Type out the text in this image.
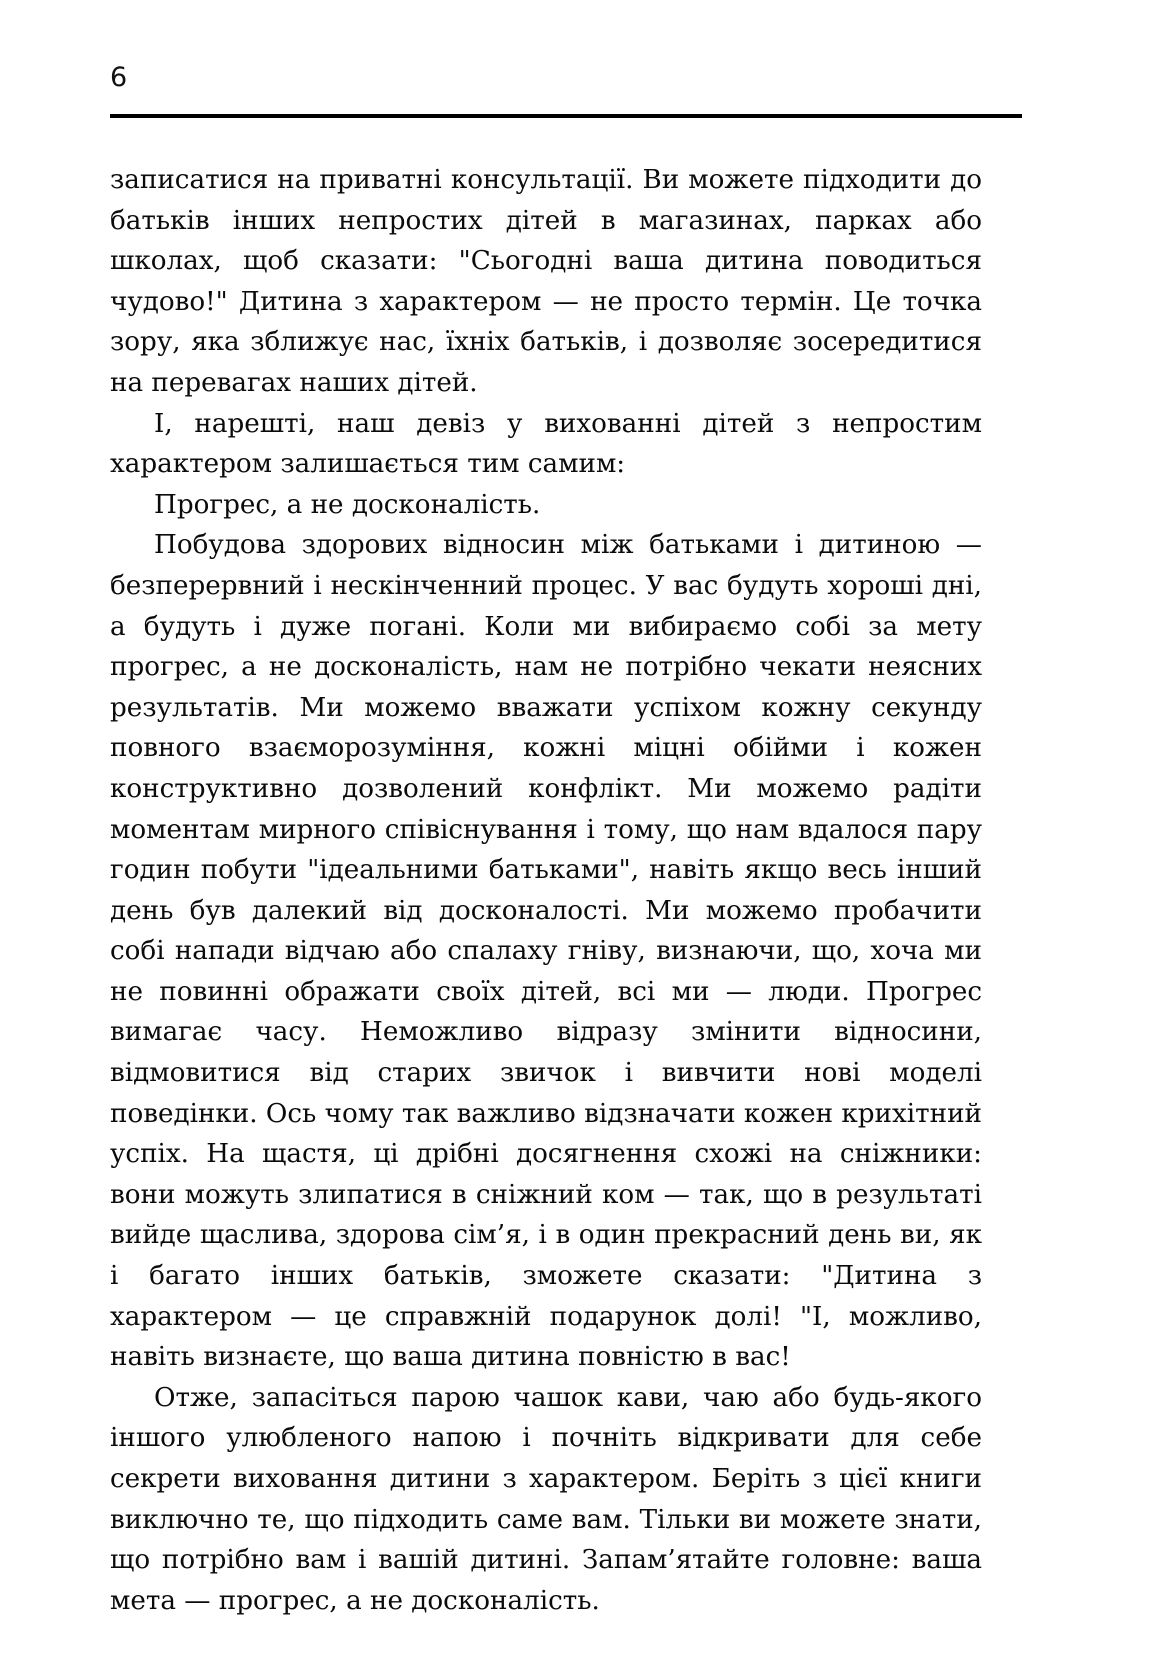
6

записатися на приватні консультації. Ви можете підходити до батьків інших непростих дітей в магазинах, парках або школах, щоб сказати: "Сьогодні ваша дитина поводиться чудово!" Дитина з характером — не просто термін. Це точка зору, яка зближує нас, їхніх батьків, і дозволяє зосередитися на перевагах наших дітей.

І, нарешті, наш девіз у вихованні дітей з непростим характером залишається тим самим:

Прогрес, а не досконалість.

Побудова здорових відносин між батьками і дитиною — безперервний і нескінченний процес. У вас будуть хороші дні, а будуть і дуже погані. Коли ми вибираємо собі за мету прогрес, а не досконалість, нам не потрібно чекати неясних результатів. Ми можемо вважати успіхом кожну секунду повного взаєморозуміння, кожні міцні обійми і кожен конструктивно дозволений конфлікт. Ми можемо радіти моментам мирного співіснування і тому, що нам вдалося пару годин побути "ідеальними батьками", навіть якщо весь інший день був далекий від досконалості. Ми можемо пробачити собі напади відчаю або спалаху гніву, визнаючи, що, хоча ми не повинні ображати своїх дітей, всі ми — люди. Прогрес вимагає часу. Неможливо відразу змінити відносини, відмовитися від старих звичок і вивчити нові моделі поведінки. Ось чому так важливо відзначати кожен крихітний успіх. На щастя, ці дрібні досягнення схожі на сніжники: вони можуть злипатися в сніжний ком — так, що в результаті вийде щаслива, здорова сім’я, і в один прекрасний день ви, як і багато інших батьків, зможете сказати: "Дитина з характером — це справжній подарунок долі! "І, можливо, навіть визнаєте, що ваша дитина повністю в вас!

Отже, запасіться парою чашок кави, чаю або будь-якого іншого улюбленого напою і почніть відкривати для себе секрети виховання дитини з характером. Беріть з цієї книги виключно те, що підходить саме вам. Тільки ви можете знати, що потрібно вам і вашій дитині. Запам’ятайте головне: ваша мета — прогрес, а не досконалість.
